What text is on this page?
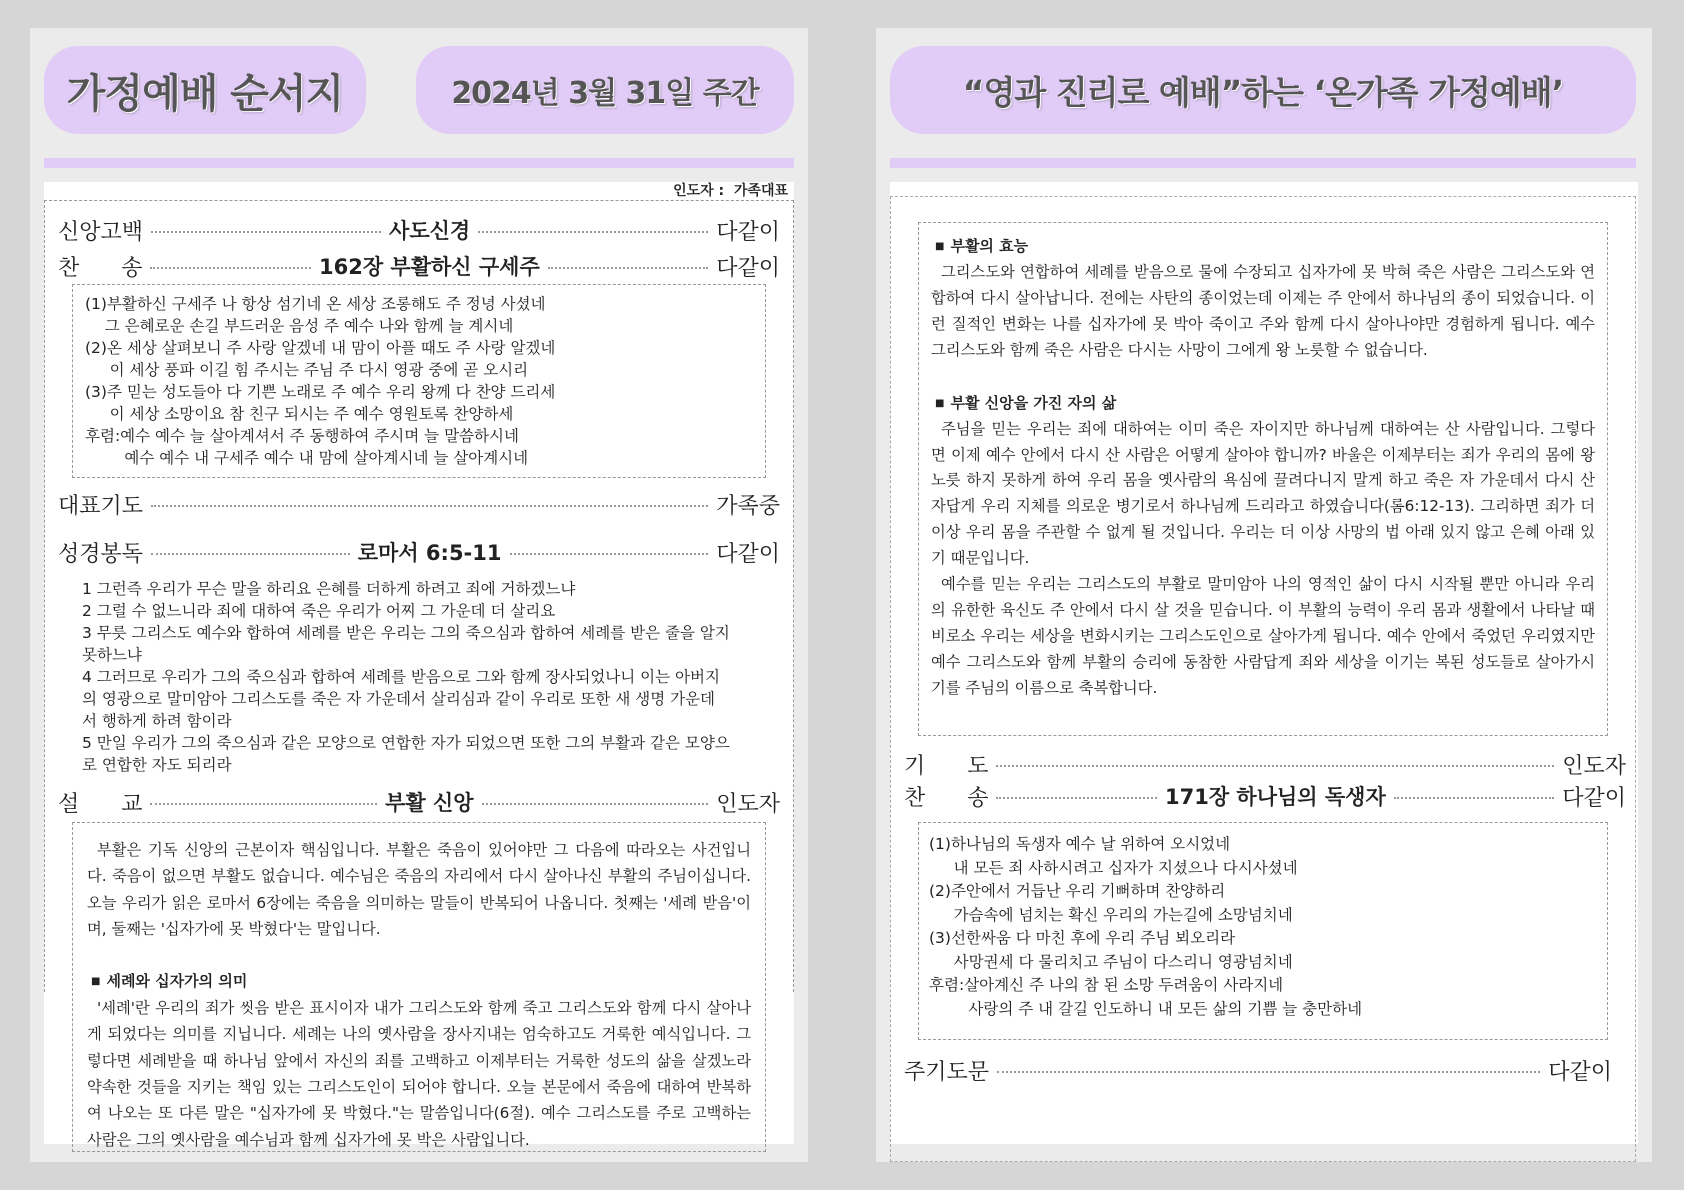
가정예배 순서지	2024년 3월 31일 주간
인도자 :  가족대표
신앙고백	사도신경	다같이
찬      송	162장 부활하신 구세주	다같이
(1)부활하신 구세주 나 항상 섬기네 온 세상 조롱해도 주 정녕 사셨네
그 은혜로운 손길 부드러운 음성 주 예수 나와 함께 늘 계시네
(2)온 세상 살펴보니 주 사랑 알겠네 내 맘이 아플 때도 주 사랑 알겠네
이 세상 풍파 이길 힘 주시는 주님 주 다시 영광 중에 곧 오시리
(3)주 믿는 성도들아 다 기쁜 노래로 주 예수 우리 왕께 다 찬양 드리세
이 세상 소망이요 참 친구 되시는 주 예수 영원토록 찬양하세
후렴:예수 예수 늘 살아계셔서 주 동행하여 주시며 늘 말씀하시네
예수 예수 내 구세주 예수 내 맘에 살아계시네 늘 살아계시네
대표기도	가족중
성경봉독	로마서 6:5-11	다같이
1 그런즉 우리가 무슨 말을 하리요 은혜를 더하게 하려고 죄에 거하겠느냐
2 그럴 수 없느니라 죄에 대하여 죽은 우리가 어찌 그 가운데 더 살리요
3 무릇 그리스도 예수와 합하여 세례를 받은 우리는 그의 죽으심과 합하여 세례를 받은 줄을 알지
못하느냐
4 그러므로 우리가 그의 죽으심과 합하여 세례를 받음으로 그와 함께 장사되었나니 이는 아버지
의 영광으로 말미암아 그리스도를 죽은 자 가운데서 살리심과 같이 우리로 또한 새 생명 가운데
서 행하게 하려 함이라
5 만일 우리가 그의 죽으심과 같은 모양으로 연합한 자가 되었으면 또한 그의 부활과 같은 모양으
로 연합한 자도 되리라
설      교	부활 신앙	인도자

부활은 기독 신앙의 근본이자 핵심입니다. 부활은 죽음이 있어야만 그 다음에 따라오는 사건입니다. 죽음이 없으면 부활도 없습니다. 예수님은 죽음의 자리에서 다시 살아나신 부활의 주님이십니다. 오늘 우리가 읽은 로마서 6장에는 죽음을 의미하는 말들이 반복되어 나옵니다. 첫째는 '세례 받음'이며, 둘째는 '십자가에 못 박혔다'는 말입니다.

■ 세례와 십자가의 의미

'세례'란 우리의 죄가 씻음 받은 표시이자 내가 그리스도와 함께 죽고 그리스도와 함께 다시 살아나게 되었다는 의미를 지닙니다. 세례는 나의 옛사람을 장사지내는 엄숙하고도 거룩한 예식입니다. 그렇다면 세례받을 때 하나님 앞에서 자신의 죄를 고백하고 이제부터는 거룩한 성도의 삶을 살겠노라 약속한 것들을 지키는 책임 있는 그리스도인이 되어야 합니다. 오늘 본문에서 죽음에 대하여 반복하여 나오는 또 다른 말은 "십자가에 못 박혔다."는 말씀입니다(6절). 예수 그리스도를 주로 고백하는 사람은 그의 옛사람을 예수님과 함께 십자가에 못 박은 사람입니다.

“영과 진리로 예배”하는 ‘온가족 가정예배’
■ 부활의 효능

그리스도와 연합하여 세례를 받음으로 물에 수장되고 십자가에 못 박혀 죽은 사람은 그리스도와 연합하여 다시 살아납니다. 전에는 사탄의 종이었는데 이제는 주 안에서 하나님의 종이 되었습니다. 이런 질적인 변화는 나를 십자가에 못 박아 죽이고 주와 함께 다시 살아나야만 경험하게 됩니다. 예수 그리스도와 함께 죽은 사람은 다시는 사망이 그에게 왕 노릇할 수 없습니다.

■ 부활 신앙을 가진 자의 삶

주님을 믿는 우리는 죄에 대하여는 이미 죽은 자이지만 하나님께 대하여는 산 사람입니다. 그렇다면 이제 예수 안에서 다시 산 사람은 어떻게 살아야 합니까? 바울은 이제부터는 죄가 우리의 몸에 왕 노릇 하지 못하게 하여 우리 몸을 옛사람의 욕심에 끌려다니지 말게 하고 죽은 자 가운데서 다시 산 자답게 우리 지체를 의로운 병기로서 하나님께 드리라고 하였습니다(롬6:12-13). 그리하면 죄가 더 이상 우리 몸을 주관할 수 없게 될 것입니다. 우리는 더 이상 사망의 법 아래 있지 않고 은혜 아래 있기 때문입니다.

예수를 믿는 우리는 그리스도의 부활로 말미암아 나의 영적인 삶이 다시 시작될 뿐만 아니라 우리의 유한한 육신도 주 안에서 다시 살 것을 믿습니다. 이 부활의 능력이 우리 몸과 생활에서 나타날 때 비로소 우리는 세상을 변화시키는 그리스도인으로 살아가게 됩니다. 예수 안에서 죽었던 우리였지만 예수 그리스도와 함께 부활의 승리에 동참한 사람답게 죄와 세상을 이기는 복된 성도들로 살아가시기를 주님의 이름으로 축복합니다.

기      도	인도자
찬      송	171장 하나님의 독생자	다같이
(1)하나님의 독생자 예수 날 위하여 오시었네
내 모든 죄 사하시려고 십자가 지셨으나 다시사셨네
(2)주안에서 거듭난 우리 기뻐하며 찬양하리
가슴속에 넘치는 확신 우리의 가는길에 소망넘치네
(3)선한싸움 다 마친 후에 우리 주님 뵈오리라
사망권세 다 물리치고 주님이 다스리니 영광넘치네
후렴:살아계신 주 나의 참 된 소망 두려움이 사라지네
사랑의 주 내 갈길 인도하니 내 모든 삶의 기쁨 늘 충만하네
주기도문	다같이
